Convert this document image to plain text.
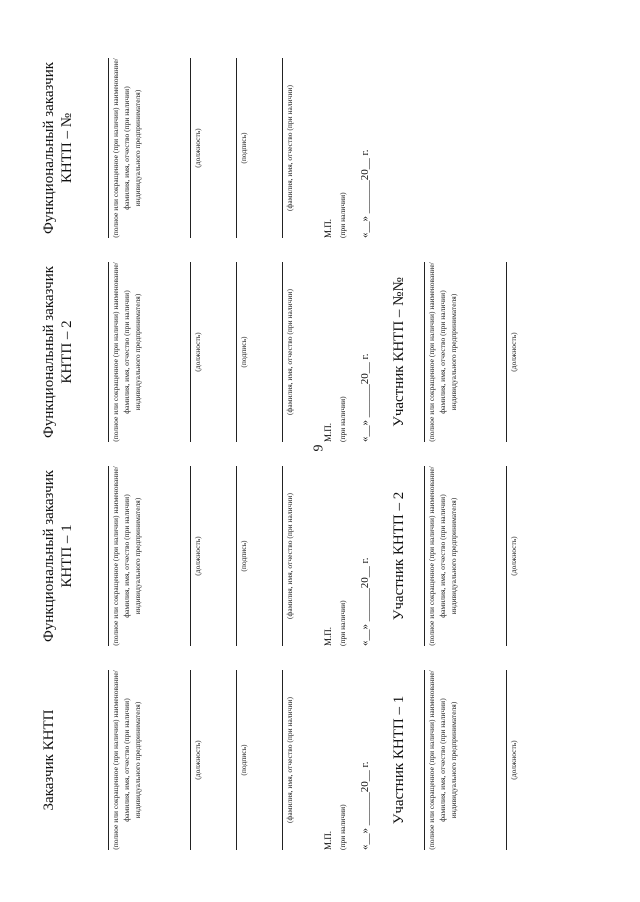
9
Заказчик КНТП	(полное или сокращенное (при наличии) наименование/фамилия, имя, отчество (при наличии) индивидуального предпринимателя)	(должность)	(подпись)	(фамилия, имя, отчество (при наличии)
М.П. (при наличии) «__» ______20__ г. Участник КНТП – 1	(полное или сокращенное (при наличии) наименование/фамилия, имя, отчество (при наличии) индивидуального предпринимателя)	(должность)
Функциональный заказчик КНТП – 1	(полное или сокращенное (при наличии) наименование/фамилия, имя, отчество (при наличии) индивидуального предпринимателя)	(должность)	(подпись)	(фамилия, имя, отчество (при наличии)
М.П. (при наличии) «__» ______20__ г. Участник КНТП – 2	(полное или сокращенное (при наличии) наименование/фамилия, имя, отчество (при наличии) индивидуального предпринимателя)	(должность)
Функциональный заказчик КНТП – 2	(полное или сокращенное (при наличии) наименование/фамилия, имя, отчество (при наличии) индивидуального предпринимателя)	(должность)	(подпись)	(фамилия, имя, отчество (при наличии)
М.П. (при наличии) «__» ______20__ г. Участник КНТП – №№	(полное или сокращенное (при наличии) наименование/фамилия, имя, отчество (при наличии) индивидуального предпринимателя)	(должность)
Функциональный заказчик КНТП – №	(полное или сокращенное (при наличии) наименование/фамилия, имя, отчество (при наличии) индивидуального предпринимателя)	(должность)	(подпись)	(фамилия, имя, отчество (при наличии)
М.П. (при наличии) «__» ______20__ г.
